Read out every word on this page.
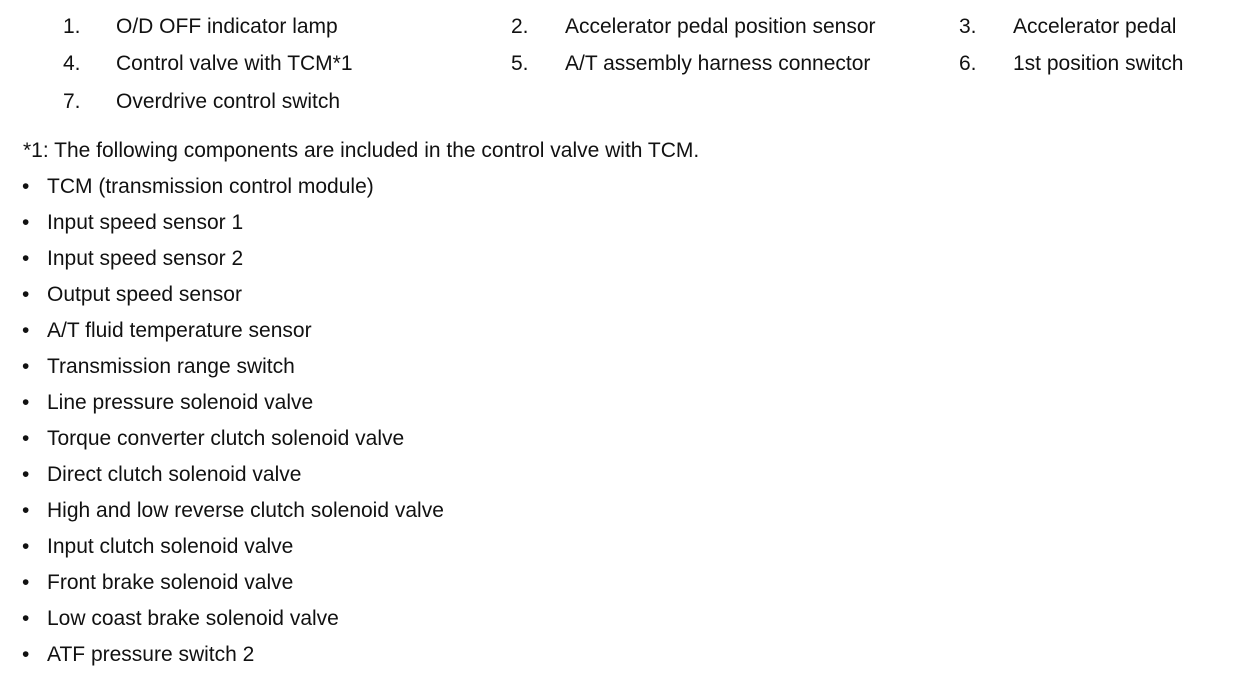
1. O/D OFF indicator lamp	2. Accelerator pedal position sensor	3. Accelerator pedal
4. Control valve with TCM*1	5. A/T assembly harness connector	6. 1st position switch
7. Overdrive control switch
*1: The following components are included in the control valve with TCM.
• TCM (transmission control module)
• Input speed sensor 1
• Input speed sensor 2
• Output speed sensor
• A/T fluid temperature sensor
• Transmission range switch
• Line pressure solenoid valve
• Torque converter clutch solenoid valve
• Direct clutch solenoid valve
• High and low reverse clutch solenoid valve
• Input clutch solenoid valve
• Front brake solenoid valve
• Low coast brake solenoid valve
• ATF pressure switch 2
